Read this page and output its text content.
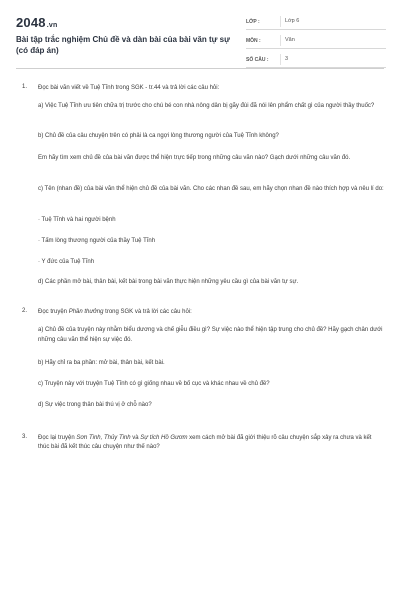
2048.vn
Bài tập trắc nghiệm Chủ đề và dàn bài của bài văn tự sự (có đáp án)
LỚP :	Lớp 6
MÔN :	Văn
SỐ CÂU :	3
1. Đọc bài văn viết về Tuệ Tĩnh trong SGK - tr.44 và trả lời các câu hỏi:
a) Việc Tuệ Tĩnh ưu tiên chữa trị trước cho chú bé con nhà nông dân bị gãy đùi đã nói lên phẩm chất gì của người thầy thuốc?
b) Chủ đề của câu chuyện trên có phải là ca ngợi lòng thương người của Tuệ Tĩnh không?
Em hãy tìm xem chủ đề của bài văn được thể hiện trực tiếp trong những câu văn nào? Gạch dưới những câu văn đó.
c) Tên (nhan đề) của bài văn thể hiện chủ đề của bài văn. Cho các nhan đề sau, em hãy chọn nhan đề nào thích hợp và nêu lí do:
· Tuệ Tĩnh và hai người bệnh
· Tấm lòng thương người của thầy Tuệ Tĩnh
· Y đức của Tuệ Tĩnh
d) Các phần mở bài, thân bài, kết bài trong bài văn thực hiện những yêu cầu gì của bài văn tự sự.
2. Đọc truyện Phần thưởng trong SGK và trả lời các câu hỏi:
a) Chủ đề của truyện này nhằm biểu dương và chế giễu điều gì? Sự việc nào thể hiện tập trung cho chủ đề? Hãy gạch chân dưới những câu văn thể hiện sự việc đó.
b) Hãy chỉ ra ba phần: mở bài, thân bài, kết bài.
c) Truyện này với truyện Tuệ Tĩnh có gì giống nhau về bố cục và khác nhau về chủ đề?
d) Sự việc trong thân bài thú vị ở chỗ nào?
3. Đọc lại truyện Sơn Tinh, Thủy Tinh và Sự tích Hồ Gươm xem cách mở bài đã giới thiệu rõ câu chuyện sắp xảy ra chưa và kết thúc bài đã kết thúc câu chuyện như thế nào?
